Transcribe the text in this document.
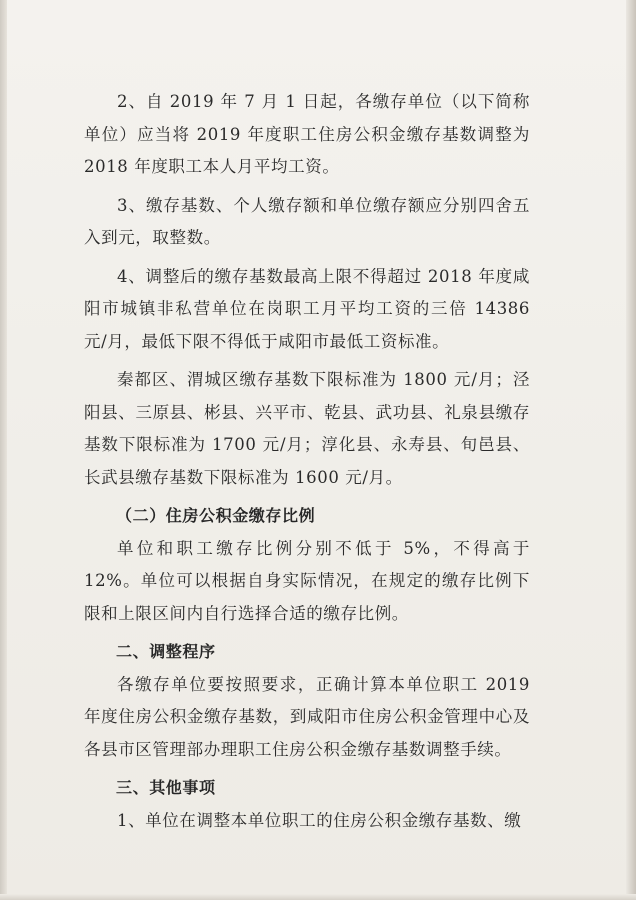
2、自 2019 年 7 月 1 日起，各缴存单位（以下简称单位）应当将 2019 年度职工住房公积金缴存基数调整为 2018 年度职工本人月平均工资。

3、缴存基数、个人缴存额和单位缴存额应分别四舍五入到元，取整数。

4、调整后的缴存基数最高上限不得超过 2018 年度咸阳市城镇非私营单位在岗职工月平均工资的三倍 14386 元/月，最低下限不得低于咸阳市最低工资标准。

秦都区、渭城区缴存基数下限标准为 1800 元/月；泾阳县、三原县、彬县、兴平市、乾县、武功县、礼泉县缴存基数下限标准为 1700 元/月；淳化县、永寿县、旬邑县、长武县缴存基数下限标准为 1600 元/月。

（二）住房公积金缴存比例

单位和职工缴存比例分别不低于 5%，不得高于 12%。单位可以根据自身实际情况，在规定的缴存比例下限和上限区间内自行选择合适的缴存比例。

二、调整程序

各缴存单位要按照要求，正确计算本单位职工 2019 年度住房公积金缴存基数，到咸阳市住房公积金管理中心及各县市区管理部办理职工住房公积金缴存基数调整手续。

三、其他事项

1、单位在调整本单位职工的住房公积金缴存基数、缴
